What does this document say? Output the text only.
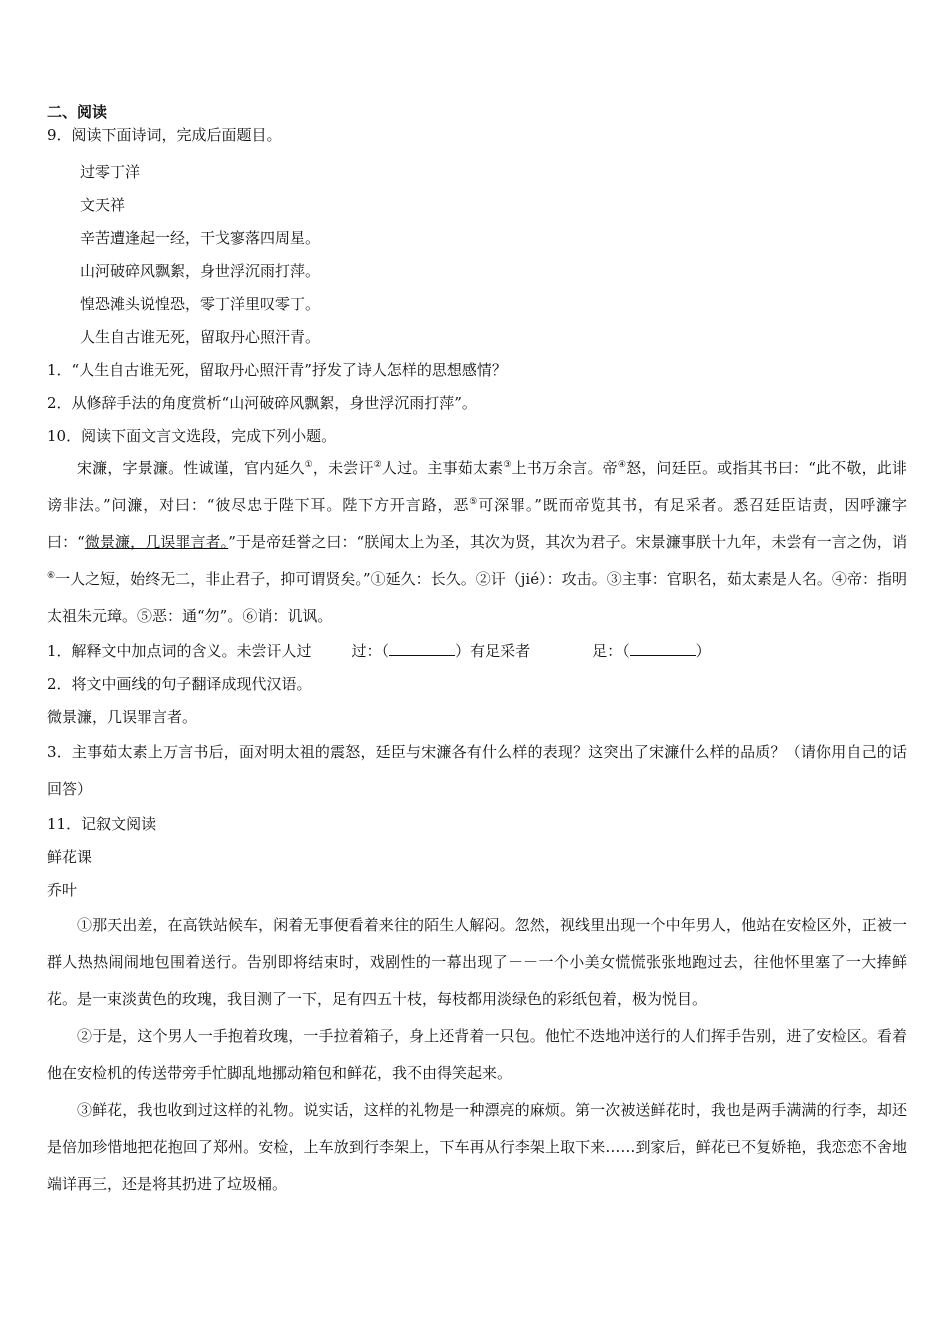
二、阅读
9．阅读下面诗词，完成后面题目。
过零丁洋
文天祥
辛苦遭逢起一经，干戈寥落四周星。
山河破碎风飘絮，身世浮沉雨打萍。
惶恐滩头说惶恐，零丁洋里叹零丁。
人生自古谁无死，留取丹心照汗青。
1．“人生自古谁无死，留取丹心照汗青”抒发了诗人怎样的思想感情？
2．从修辞手法的角度赏析“山河破碎风飘絮，身世浮沉雨打萍”。
10．阅读下面文言文选段，完成下列小题。
宋濂，字景濂。性诚谨，官内延久①，未尝讦②人过。主事茹太素③上书万余言。帝④怒，问廷臣。或指其书曰：“此不敬，此诽谤非法。”问濂，对曰：“彼尽忠于陛下耳。陛下方开言路，恶⑤可深罪。”既而帝览其书，有足采者。悉召廷臣诘责，因呼濂字曰：“微景濂，几误罪言者。”于是帝廷誉之曰：“朕闻太上为圣，其次为贤，其次为君子。宋景濂事朕十九年，未尝有一言之伪，诮⑥一人之短，始终无二，非止君子，抑可谓贤矣。”①延久：长久。②讦（jié）：攻击。③主事：官职名，茹太素是人名。④帝：指明太祖朱元璋。⑤恶：通“勿”。⑥诮：讥讽。
1．解释文中加点词的含义。未尝讦人过	过：（	）有足采者	足：（	）
2．将文中画线的句子翻译成现代汉语。
微景濂，几误罪言者。
3．主事茹太素上万言书后，面对明太祖的震怒，廷臣与宋濂各有什么样的表现？这突出了宋濂什么样的品质？（请你用自己的话回答）
11．记叙文阅读
鲜花课
乔叶
①那天出差，在高铁站候车，闲着无事便看着来往的陌生人解闷。忽然，视线里出现一个中年男人，他站在安检区外，正被一群人热热闹闹地包围着送行。告别即将结束时，戏剧性的一幕出现了－－一个小美女慌慌张张地跑过去，往他怀里塞了一大捧鲜花。是一束淡黄色的玫瑰，我目测了一下，足有四五十枝，每枝都用淡绿色的彩纸包着，极为悦目。
②于是，这个男人一手抱着玫瑰，一手拉着箱子，身上还背着一只包。他忙不迭地冲送行的人们挥手告别，进了安检区。看着他在安检机的传送带旁手忙脚乱地挪动箱包和鲜花，我不由得笑起来。
③鲜花，我也收到过这样的礼物。说实话，这样的礼物是一种漂亮的麻烦。第一次被送鲜花时，我也是两手满满的行李，却还是倍加珍惜地把花抱回了郑州。安检，上车放到行李架上，下车再从行李架上取下来……到家后，鲜花已不复娇艳，我恋恋不舍地端详再三，还是将其扔进了垃圾桶。
